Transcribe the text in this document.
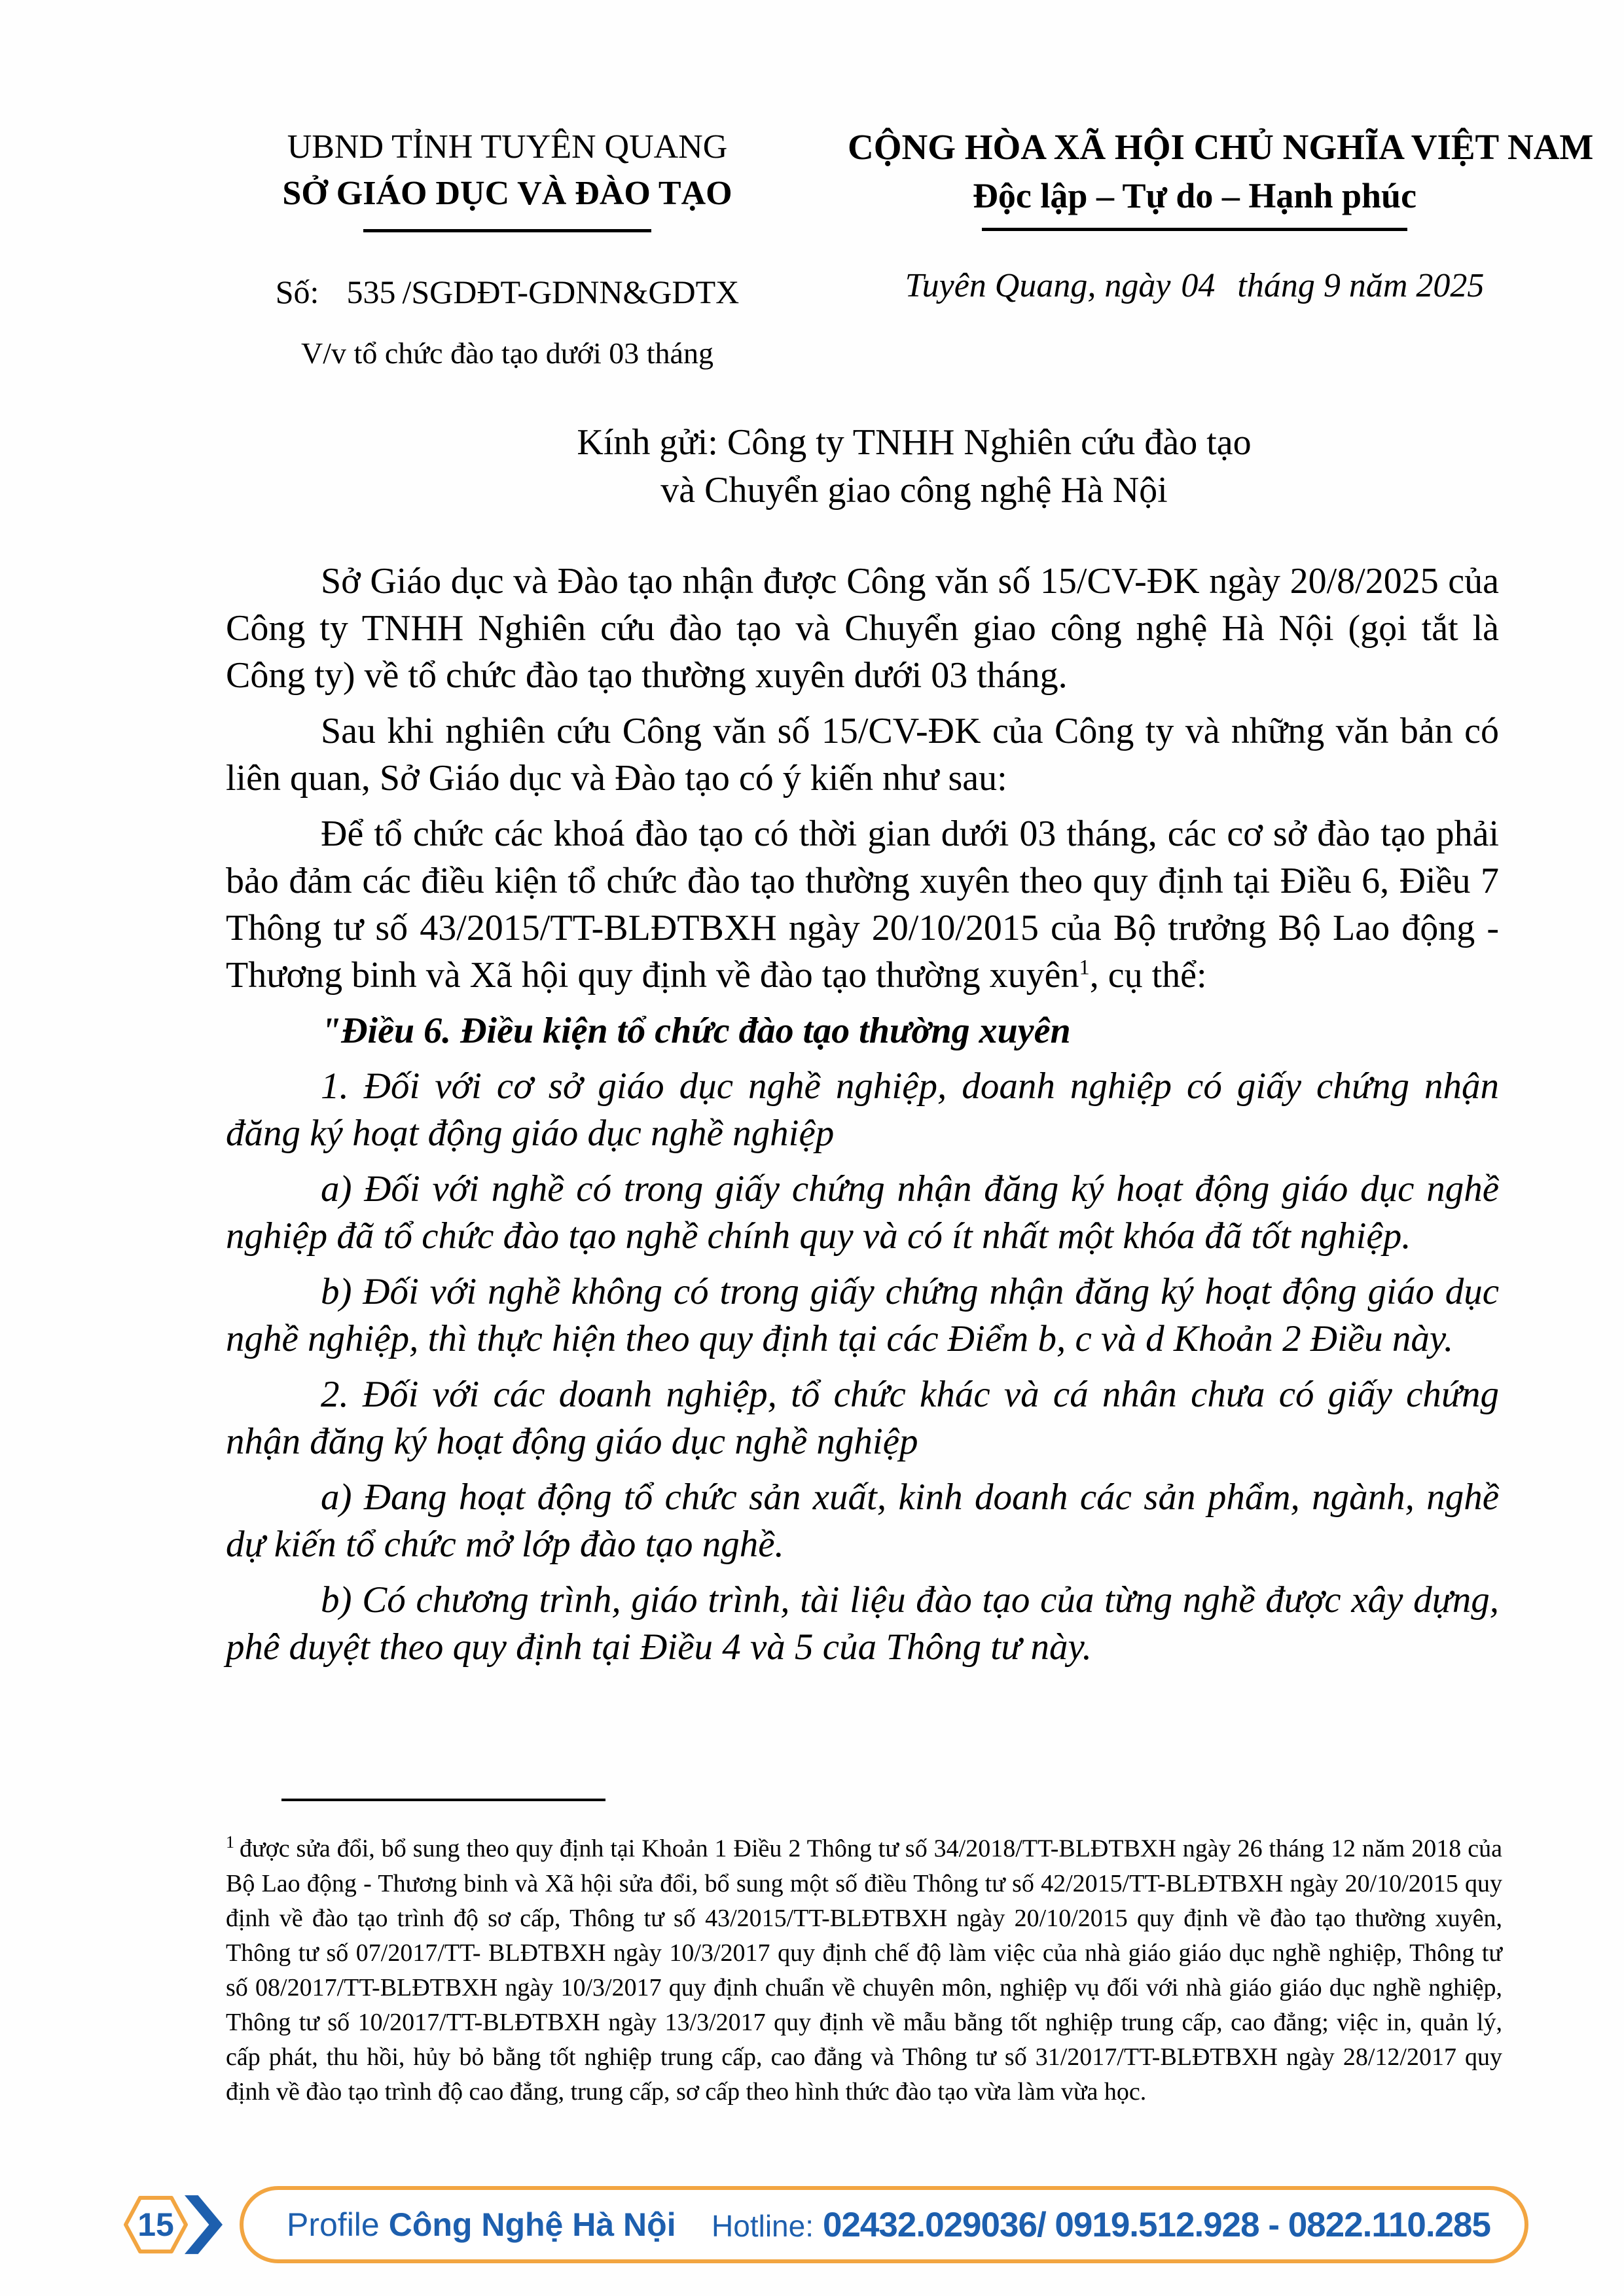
UBND TỈNH TUYÊN QUANG
SỞ GIÁO DỤC VÀ ĐÀO TẠO
Số: 535 /SGDĐT-GDNN&GDTX
V/v tổ chức đào tạo dưới 03 tháng
CỘNG HÒA XÃ HỘI CHỦ NGHĨA VIỆT NAM
Độc lập – Tự do – Hạnh phúc
Tuyên Quang, ngày 04 tháng 9 năm 2025
Kính gửi: Công ty TNHH Nghiên cứu đào tạo
và Chuyển giao công nghệ Hà Nội

Sở Giáo dục và Đào tạo nhận được Công văn số 15/CV-ĐK ngày 20/8/2025 của Công ty TNHH Nghiên cứu đào tạo và Chuyển giao công nghệ Hà Nội (gọi tắt là Công ty) về tổ chức đào tạo thường xuyên dưới 03 tháng.

Sau khi nghiên cứu Công văn số 15/CV-ĐK của Công ty và những văn bản có liên quan, Sở Giáo dục và Đào tạo có ý kiến như sau:

Để tổ chức các khoá đào tạo có thời gian dưới 03 tháng, các cơ sở đào tạo phải bảo đảm các điều kiện tổ chức đào tạo thường xuyên theo quy định tại Điều 6, Điều 7 Thông tư số 43/2015/TT-BLĐTBXH ngày 20/10/2015 của Bộ trưởng Bộ Lao động - Thương binh và Xã hội quy định về đào tạo thường xuyên$^1$, cụ thể:

"Điều 6. Điều kiện tổ chức đào tạo thường xuyên

1. Đối với cơ sở giáo dục nghề nghiệp, doanh nghiệp có giấy chứng nhận đăng ký hoạt động giáo dục nghề nghiệp

a) Đối với nghề có trong giấy chứng nhận đăng ký hoạt động giáo dục nghề nghiệp đã tổ chức đào tạo nghề chính quy và có ít nhất một khóa đã tốt nghiệp.

b) Đối với nghề không có trong giấy chứng nhận đăng ký hoạt động giáo dục nghề nghiệp, thì thực hiện theo quy định tại các Điểm b, c và d Khoản 2 Điều này.

2. Đối với các doanh nghiệp, tổ chức khác và cá nhân chưa có giấy chứng nhận đăng ký hoạt động giáo dục nghề nghiệp

a) Đang hoạt động tổ chức sản xuất, kinh doanh các sản phẩm, ngành, nghề dự kiến tổ chức mở lớp đào tạo nghề.

b) Có chương trình, giáo trình, tài liệu đào tạo của từng nghề được xây dựng, phê duyệt theo quy định tại Điều 4 và 5 của Thông tư này.

$^1$ được sửa đổi, bổ sung theo quy định tại Khoản 1 Điều 2 Thông tư số 34/2018/TT-BLĐTBXH ngày 26 tháng 12 năm 2018 của Bộ Lao động - Thương binh và Xã hội sửa đổi, bổ sung một số điều Thông tư số 42/2015/TT-BLĐTBXH ngày 20/10/2015 quy định về đào tạo trình độ sơ cấp, Thông tư số 43/2015/TT-BLĐTBXH ngày 20/10/2015 quy định về đào tạo thường xuyên, Thông tư số 07/2017/TT- BLĐTBXH ngày 10/3/2017 quy định chế độ làm việc của nhà giáo giáo dục nghề nghiệp, Thông tư số 08/2017/TT-BLĐTBXH ngày 10/3/2017 quy định chuẩn về chuyên môn, nghiệp vụ đối với nhà giáo giáo dục nghề nghiệp, Thông tư số 10/2017/TT-BLĐTBXH ngày 13/3/2017 quy định về mẫu bằng tốt nghiệp trung cấp, cao đẳng; việc in, quản lý, cấp phát, thu hồi, hủy bỏ bằng tốt nghiệp trung cấp, cao đẳng và Thông tư số 31/2017/TT-BLĐTBXH ngày 28/12/2017 quy định về đào tạo trình độ cao đẳng, trung cấp, sơ cấp theo hình thức đào tạo vừa làm vừa học.
15	Profile Công Nghệ Hà Nội Hotline: 02432.029036/ 0919.512.928 - 0822.110.285
